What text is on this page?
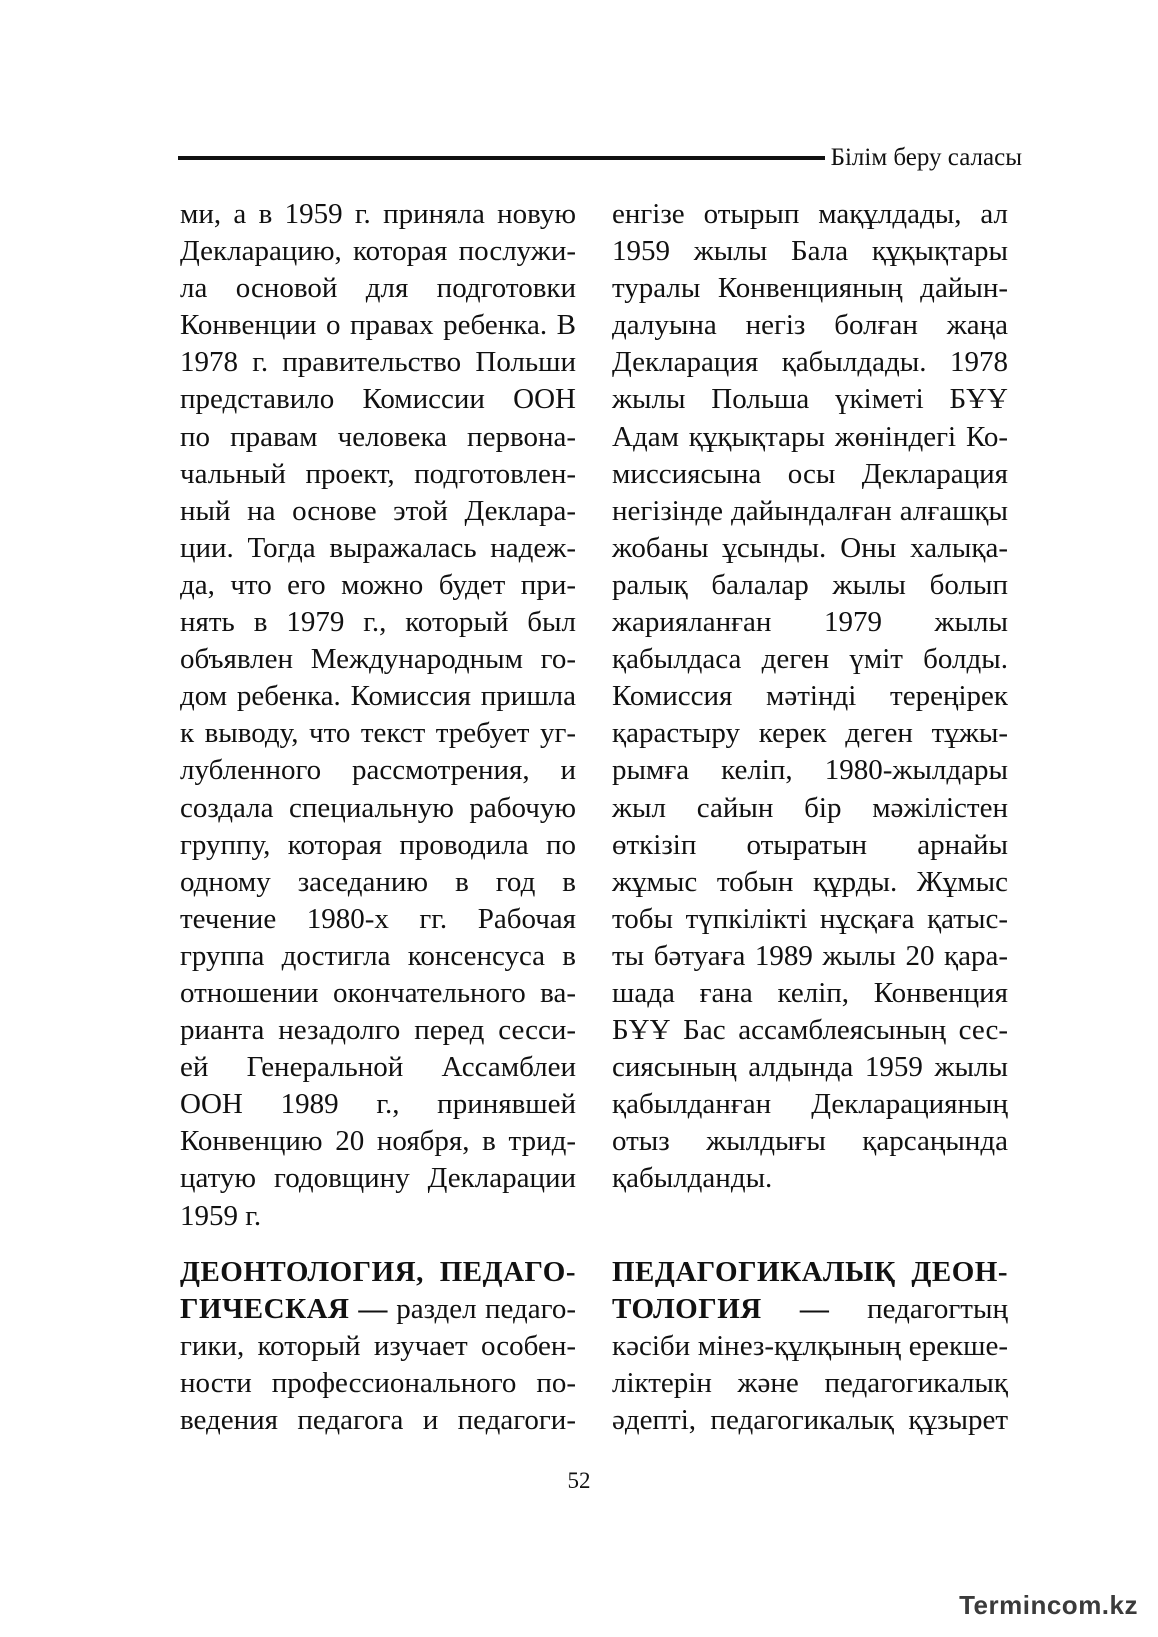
Білім беру саласы
ми, а в 1959 г. приняла новую
Декларацию, которая послужи-
ла основой для подготовки
Конвенции о правах ребенка. В
1978 г. правительство Польши
представило Комиссии ООН
по правам человека первона-
чальный проект, подготовлен-
ный на основе этой Деклара-
ции. Тогда выражалась надеж-
да, что его можно будет при-
нять в 1979 г., который был
объявлен Международным го-
дом ребенка. Комиссия пришла
к выводу, что текст требует уг-
лубленного рассмотрения, и
создала специальную рабочую
группу, которая проводила по
одному заседанию в год в
течение 1980-х гг. Рабочая
группа достигла консенсуса в
отношении окончательного ва-
рианта незадолго перед сесси-
ей Генеральной Ассамблеи
ООН 1989 г., принявшей
Конвенцию 20 ноября, в трид-
цатую годовщину Декларации
1959 г.
ДЕОНТОЛОГИЯ, ПЕДАГО-
ГИЧЕСКАЯ — раздел педаго-
гики, который изучает особен-
ности профессионального по-
ведения педагога и педагоги-
енгізе отырып мақұлдады, ал
1959 жылы Бала құқықтары
туралы Конвенцияның дайын-
далуына негіз болған жаңа
Декларация қабылдады. 1978
жылы Польша үкіметі БҰҰ
Адам құқықтары жөніндегі Ко-
миссиясына осы Декларация
негізінде дайындалған алғашқы
жобаны ұсынды. Оны халықа-
ралық балалар жылы болып
жарияланған 1979 жылы
қабылдаса деген үміт болды.
Комиссия мәтінді тереңірек
қарастыру керек деген тұжы-
рымға келіп, 1980-жылдары
жыл сайын бір мәжілістен
өткізіп отыратын арнайы
жұмыс тобын құрды. Жұмыс
тобы түпкілікті нұсқаға қатыс-
ты бәтуаға 1989 жылы 20 қара-
шада ғана келіп, Конвенция
БҰҰ Бас ассамблеясының сес-
сиясының алдында 1959 жылы
қабылданған Декларацияның
отыз жылдығы қарсаңында
қабылданды.
ПЕДАГОГИКАЛЫҚ ДЕОН-
ТОЛОГИЯ — педагогтың
кәсіби мінез-құлқының ерекше-
ліктерін және педагогикалық
әдепті, педагогикалық құзырет
52
Termincom.kz
